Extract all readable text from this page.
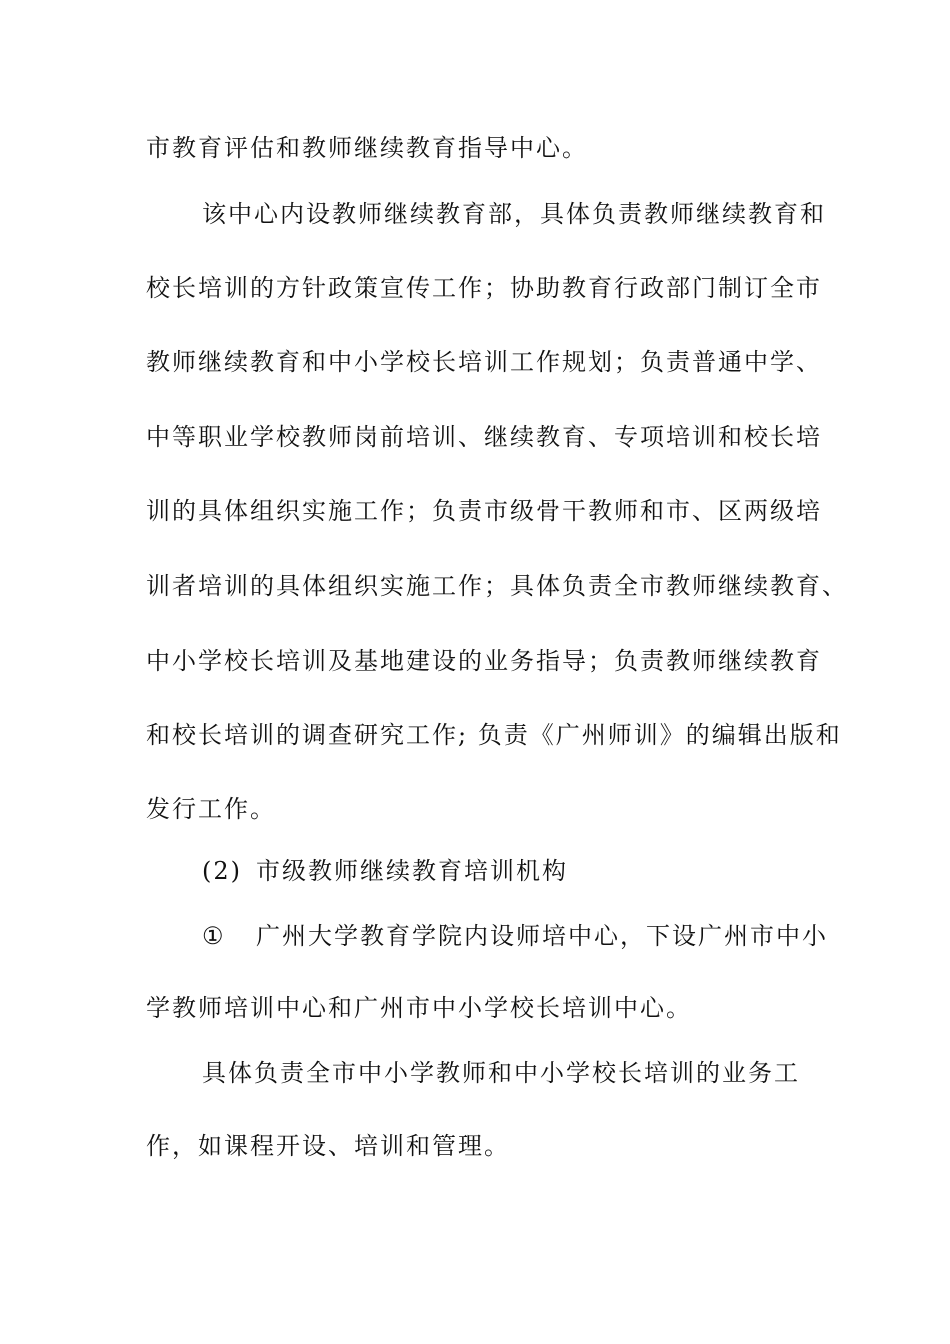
市教育评估和教师继续教育指导中心。
该中心内设教师继续教育部，具体负责教师继续教育和
校长培训的方针政策宣传工作；协助教育行政部门制订全市
教师继续教育和中小学校长培训工作规划；负责普通中学、
中等职业学校教师岗前培训、继续教育、专项培训和校长培
训的具体组织实施工作；负责市级骨干教师和市、区两级培
训者培训的具体组织实施工作；具体负责全市教师继续教育、
中小学校长培训及基地建设的业务指导；负责教师继续教育
和校长培训的调查研究工作; 负责《广州师训》的编辑出版和
发行工作。
(2) 市级教师继续教育培训机构
① 广州大学教育学院内设师培中心，下设广州市中小
学教师培训中心和广州市中小学校长培训中心。
具体负责全市中小学教师和中小学校长培训的业务工
作，如课程开设、培训和管理。
